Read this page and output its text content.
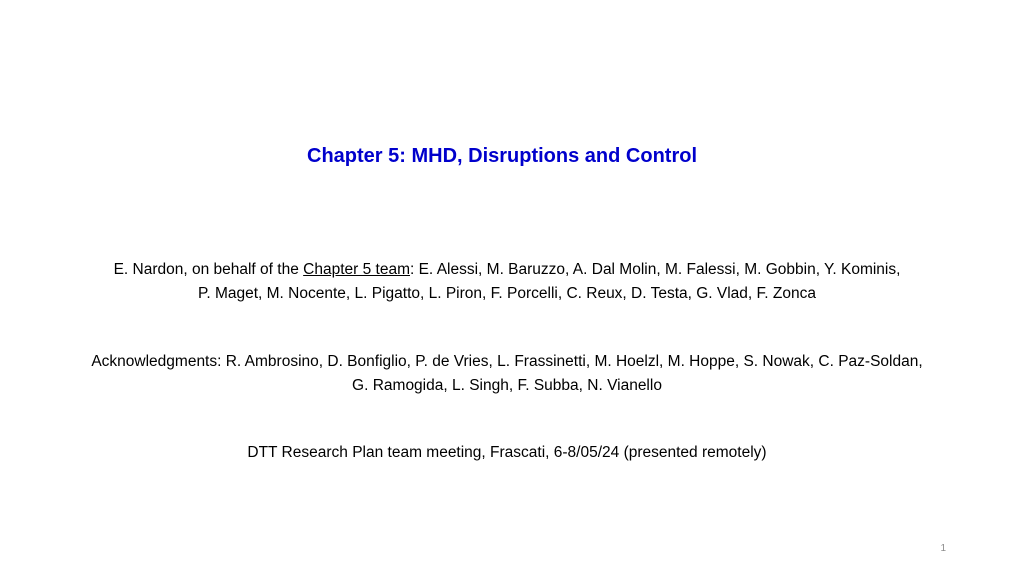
Chapter 5: MHD, Disruptions and Control
E. Nardon, on behalf of the Chapter 5 team: E. Alessi, M. Baruzzo, A. Dal Molin, M. Falessi, M. Gobbin, Y. Kominis,
P. Maget, M. Nocente, L. Pigatto, L. Piron, F. Porcelli, C. Reux, D. Testa, G. Vlad, F. Zonca
Acknowledgments: R. Ambrosino, D. Bonfiglio, P. de Vries, L. Frassinetti, M. Hoelzl, M. Hoppe, S. Nowak, C. Paz-Soldan,
G. Ramogida, L. Singh, F. Subba, N. Vianello
DTT Research Plan team meeting, Frascati, 6-8/05/24 (presented remotely)
1
